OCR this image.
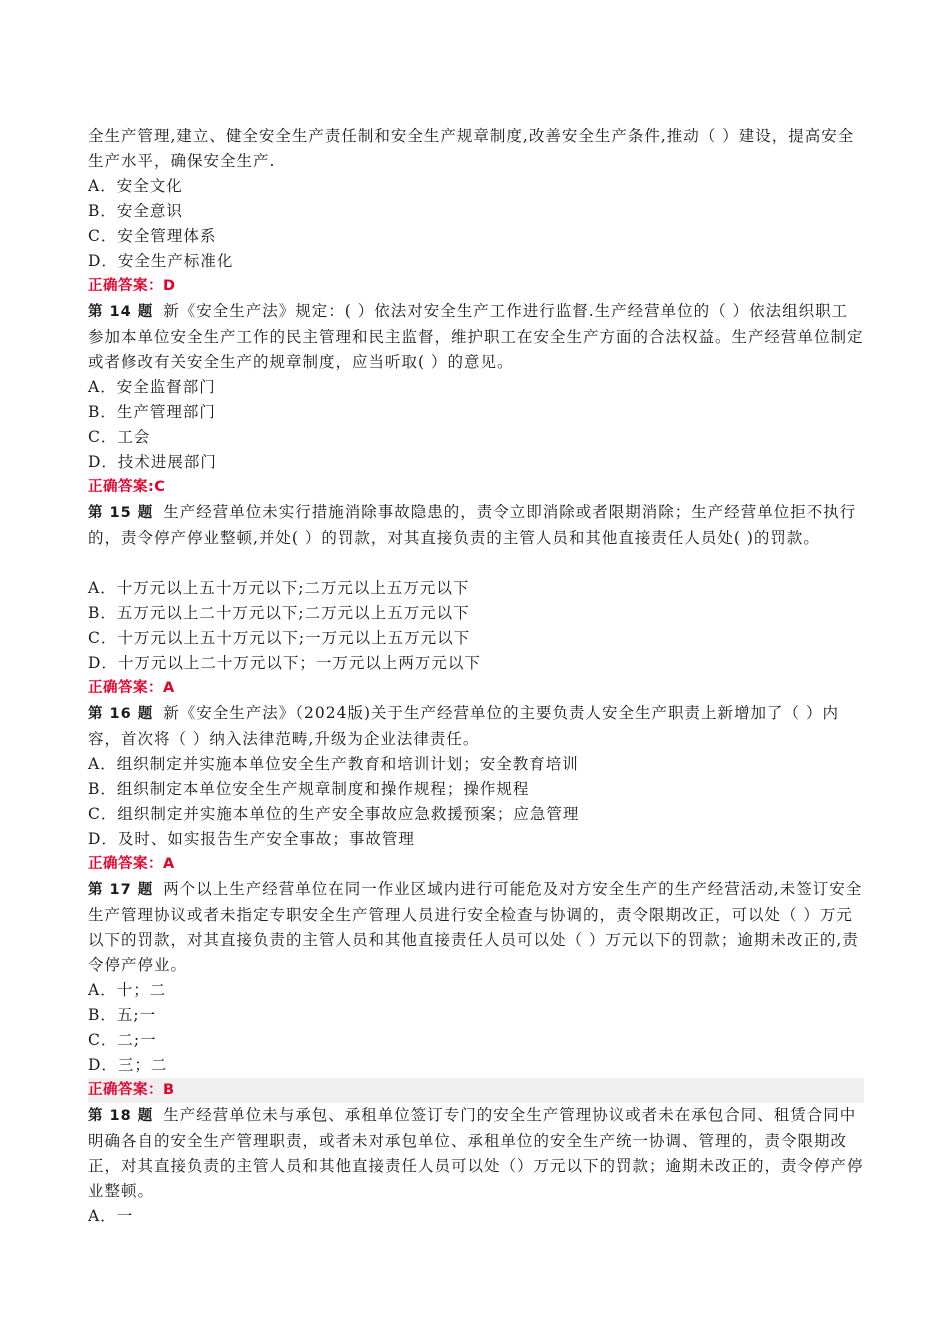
全生产管理,建立、健全安全生产责任制和安全生产规章制度,改善安全生产条件,推动（ ）建设，提高安全生产水平，确保安全生产.

A．安全文化

B．安全意识

C．安全管理体系

D．安全生产标准化

正确答案：D

第 14 题 新《安全生产法》规定：( ）依法对安全生产工作进行监督.生产经营单位的（ ）依法组织职工参加本单位安全生产工作的民主管理和民主监督，维护职工在安全生产方面的合法权益。生产经营单位制定或者修改有关安全生产的规章制度，应当听取( ）的意见。

A．安全监督部门

B．生产管理部门

C．工会

D．技术进展部门

正确答案:C

第 15 题 生产经营单位未实行措施消除事故隐患的，责令立即消除或者限期消除；生产经营单位拒不执行的，责令停产停业整顿,并处( ）的罚款，对其直接负责的主管人员和其他直接责任人员处( )的罚款。

A．十万元以上五十万元以下;二万元以上五万元以下

B．五万元以上二十万元以下;二万元以上五万元以下

C．十万元以上五十万元以下;一万元以上五万元以下

D．十万元以上二十万元以下；一万元以上两万元以下

正确答案：A

第 16 题 新《安全生产法》（2024版)关于生产经营单位的主要负责人安全生产职责上新增加了（ ）内容，首次将（ ）纳入法律范畴,升级为企业法律责任。

A．组织制定并实施本单位安全生产教育和培训计划；安全教育培训

B．组织制定本单位安全生产规章制度和操作规程；操作规程

C．组织制定并实施本单位的生产安全事故应急救援预案；应急管理

D．及时、如实报告生产安全事故；事故管理

正确答案：A

第 17 题 两个以上生产经营单位在同一作业区域内进行可能危及对方安全生产的生产经营活动,未签订安全生产管理协议或者未指定专职安全生产管理人员进行安全检查与协调的，责令限期改正，可以处（ ）万元以下的罚款，对其直接负责的主管人员和其他直接责任人员可以处（ ）万元以下的罚款；逾期未改正的,责令停产停业。

A．十；二

B．五;一

C．二;一

D．三；二

正确答案：B

第 18 题 生产经营单位未与承包、承租单位签订专门的安全生产管理协议或者未在承包合同、租赁合同中明确各自的安全生产管理职责，或者未对承包单位、承租单位的安全生产统一协调、管理的，责令限期改正，对其直接负责的主管人员和其他直接责任人员可以处（）万元以下的罚款；逾期未改正的，责令停产停业整顿。

A．一
